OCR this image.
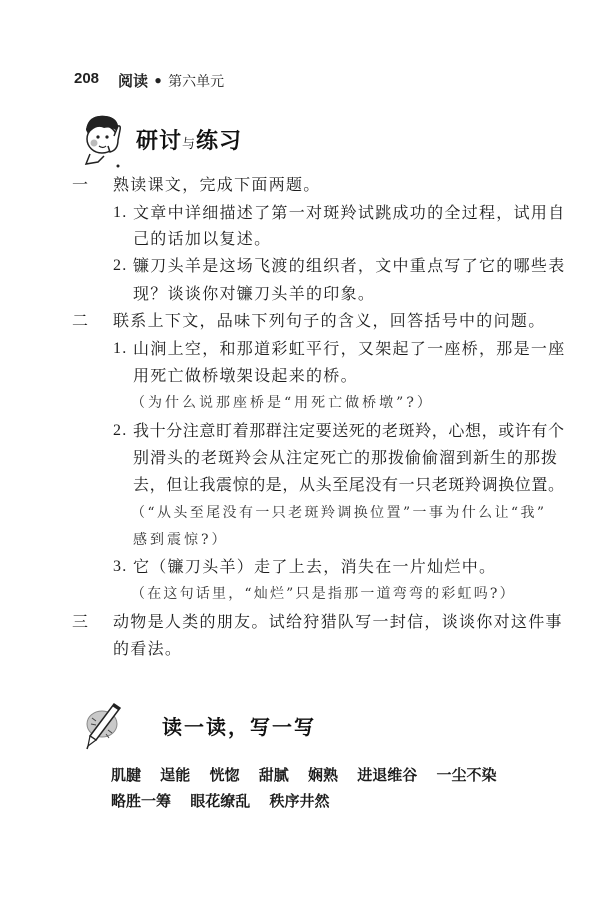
208 阅读 • 第六单元
研讨与练习
一 熟读课文，完成下面两题。
1. 文章中详细描述了第一对斑羚试跳成功的全过程，试用自
己的话加以复述。
2. 镰刀头羊是这场飞渡的组织者，文中重点写了它的哪些表
现？谈谈你对镰刀头羊的印象。
二 联系上下文，品味下列句子的含义，回答括号中的问题。
1. 山涧上空，和那道彩虹平行，又架起了一座桥，那是一座
用死亡做桥墩架设起来的桥。
（为什么说那座桥是“用死亡做桥墩”?）
2. 我十分注意盯着那群注定要送死的老斑羚，心想，或许有个
别滑头的老斑羚会从注定死亡的那拨偷偷溜到新生的那拨
去，但让我震惊的是，从头至尾没有一只老斑羚调换位置。
（“从头至尾没有一只老斑羚调换位置”一事为什么让“我”
感到震惊?）
3. 它（镰刀头羊）走了上去，消失在一片灿烂中。
（在这句话里，“灿烂”只是指那一道弯弯的彩虹吗?）
三 动物是人类的朋友。试给狩猎队写一封信，谈谈你对这件事
的看法。
读一读，写一写
肌腱 逞能 恍惚 甜腻 娴熟 进退维谷 一尘不染
略胜一筹 眼花缭乱 秩序井然
